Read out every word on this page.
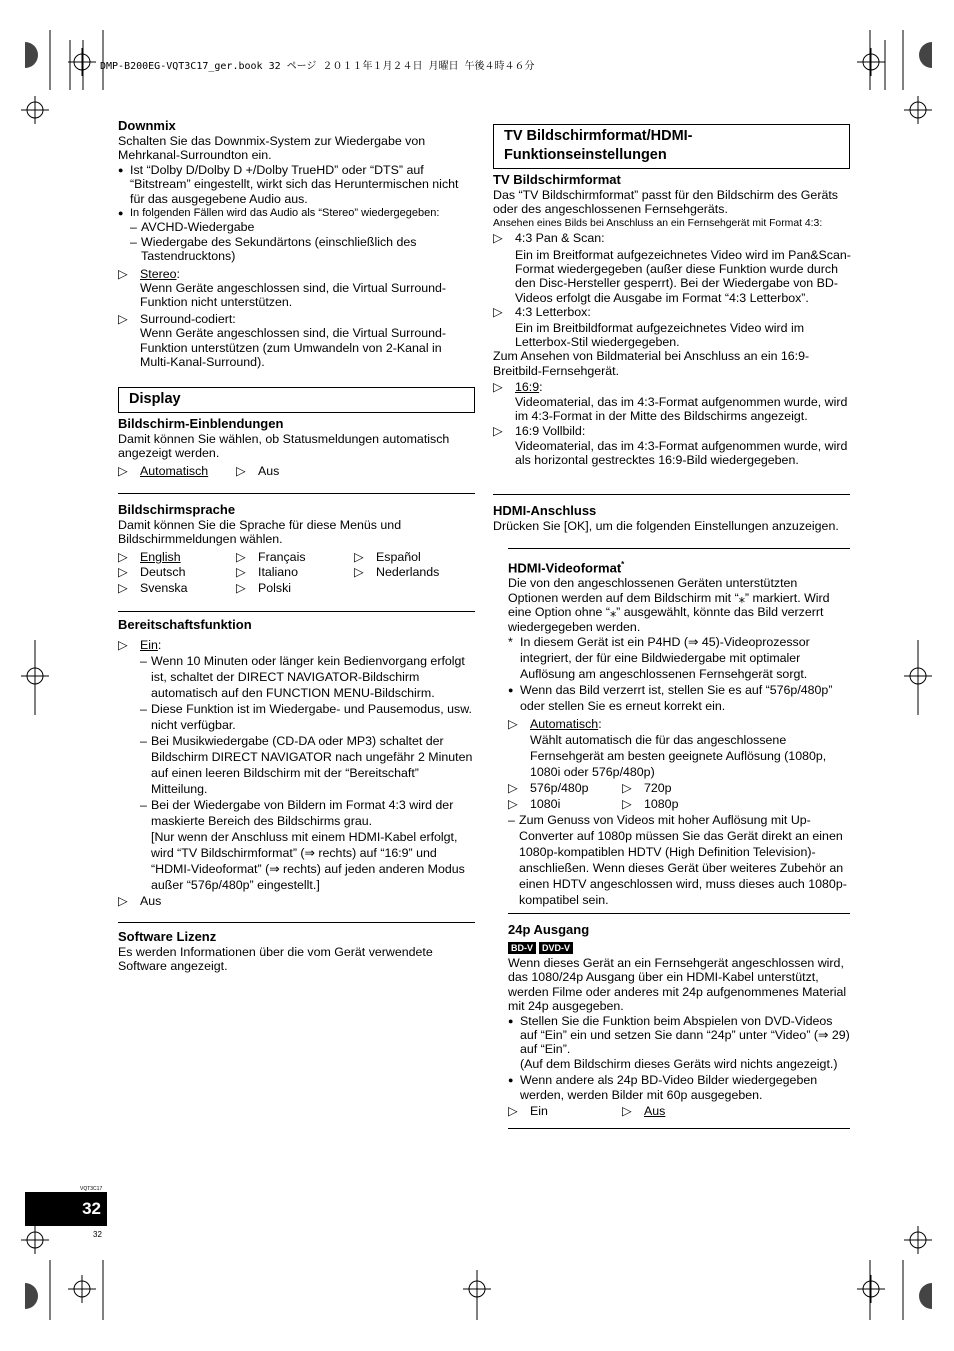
DMP-B200EG-VQT3C17_ger.book 32 ページ ２０１１年１月２４日 月曜日 午後４時４６分
Downmix

Schalten Sie das Downmix-System zur Wiedergabe von Mehrkanal-Surroundton ein.

● Ist “Dolby D/Dolby D +/Dolby TrueHD” oder “DTS” auf “Bitstream” eingestellt, wirkt sich das Heruntermischen nicht für das ausgegebene Audio aus.
● In folgenden Fällen wird das Audio als “Stereo” wiedergegeben:
– AVCHD-Wiedergabe
– Wiedergabe des Sekundärtons (einschließlich des Tastendrucktons)
▷ Stereo:
Wenn Geräte angeschlossen sind, die Virtual Surround-Funktion nicht unterstützen.
▷ Surround-codiert:
Wenn Geräte angeschlossen sind, die Virtual Surround-Funktion unterstützen (zum Umwandeln von 2-Kanal in Multi-Kanal-Surround).
Display
Bildschirm-Einblendungen

Damit können Sie wählen, ob Statusmeldungen automatisch angezeigt werden.

▷ Automatisch	▷ Aus
Bildschirmsprache

Damit können Sie die Sprache für diese Menüs und Bildschirmmeldungen wählen.

▷ English	▷ Français	▷ Español
▷ Deutsch	▷ Italiano	▷ Nederlands
▷ Svenska	▷ Polski
Bereitschaftsfunktion
▷ Ein:
– Wenn 10 Minuten oder länger kein Bedienvorgang erfolgt ist, schaltet der DIRECT NAVIGATOR-Bildschirm automatisch auf den FUNCTION MENU-Bildschirm.
– Diese Funktion ist im Wiedergabe- und Pausemodus, usw. nicht verfügbar.
– Bei Musikwiedergabe (CD-DA oder MP3) schaltet der Bildschirm DIRECT NAVIGATOR nach ungefähr 2 Minuten auf einen leeren Bildschirm mit der “Bereitschaft” Mitteilung.
– Bei der Wiedergabe von Bildern im Format 4:3 wird der maskierte Bereich des Bildschirms grau.
[Nur wenn der Anschluss mit einem HDMI-Kabel erfolgt, wird “TV Bildschirmformat” (⇒ rechts) auf “16:9” und “HDMI-Videoformat” (⇒ rechts) auf jeden anderen Modus außer “576p/480p” eingestellt.]
▷ Aus
Software Lizenz

Es werden Informationen über die vom Gerät verwendete Software angezeigt.

TV Bildschirmformat/HDMI-Funktionseinstellungen
TV Bildschirmformat

Das “TV Bildschirmformat” passt für den Bildschirm des Geräts oder des angeschlossenen Fernsehgeräts.

Ansehen eines Bilds bei Anschluss an ein Fernsehgerät mit Format 4:3:

▷ 4:3 Pan & Scan:
Ein im Breitformat aufgezeichnetes Video wird im Pan&Scan-Format wiedergegeben (außer diese Funktion wurde durch den Disc-Hersteller gesperrt). Bei der Wiedergabe von BD-Videos erfolgt die Ausgabe im Format “4:3 Letterbox”.
▷ 4:3 Letterbox:
Ein im Breitbildformat aufgezeichnetes Video wird im Letterbox-Stil wiedergegeben.

Zum Ansehen von Bildmaterial bei Anschluss an ein 16:9-Breitbild-Fernsehgerät.

▷ 16:9:
Videomaterial, das im 4:3-Format aufgenommen wurde, wird im 4:3-Format in der Mitte des Bildschirms angezeigt.
▷ 16:9 Vollbild:
Videomaterial, das im 4:3-Format aufgenommen wurde, wird als horizontal gestrecktes 16:9-Bild wiedergegeben.
HDMI-Anschluss

Drücken Sie [OK], um die folgenden Einstellungen anzuzeigen.

HDMI-Videoformat*

Die von den angeschlossenen Geräten unterstützten Optionen werden auf dem Bildschirm mit “⁎” markiert. Wird eine Option ohne “⁎” ausgewählt, könnte das Bild verzerrt wiedergegeben werden.

* In diesem Gerät ist ein P4HD (⇒ 45)-Videoprozessor integriert, der für eine Bildwiedergabe mit optimaler Auflösung am angeschlossenen Fernsehgerät sorgt.
● Wenn das Bild verzerrt ist, stellen Sie es auf “576p/480p” oder stellen Sie es erneut korrekt ein.
▷ Automatisch:
Wählt automatisch die für das angeschlossene Fernsehgerät am besten geeignete Auflösung (1080p, 1080i oder 576p/480p)
▷ 576p/480p	▷ 720p
▷ 1080i	▷ 1080p
– Zum Genuss von Videos mit hoher Auflösung mit Up-Converter auf 1080p müssen Sie das Gerät direkt an einen 1080p-kompatiblen HDTV (High Definition Television)-anschließen. Wenn dieses Gerät über weiteres Zubehör an einen HDTV angeschlossen wird, muss dieses auch 1080p-kompatibel sein.
24p Ausgang
BD-V DVD-V

Wenn dieses Gerät an ein Fernsehgerät angeschlossen wird, das 1080/24p Ausgang über ein HDMI-Kabel unterstützt, werden Filme oder anderes mit 24p aufgenommenes Material mit 24p ausgegeben.

● Stellen Sie die Funktion beim Abspielen von DVD-Videos auf “Ein” ein und setzen Sie dann “24p” unter “Video” (⇒ 29) auf “Ein”.
(Auf dem Bildschirm dieses Geräts wird nichts angezeigt.)
● Wenn andere als 24p BD-Video Bilder wiedergegeben werden, werden Bilder mit 60p ausgegeben.
▷ Ein	▷ Aus
VQT3C17
32
32
